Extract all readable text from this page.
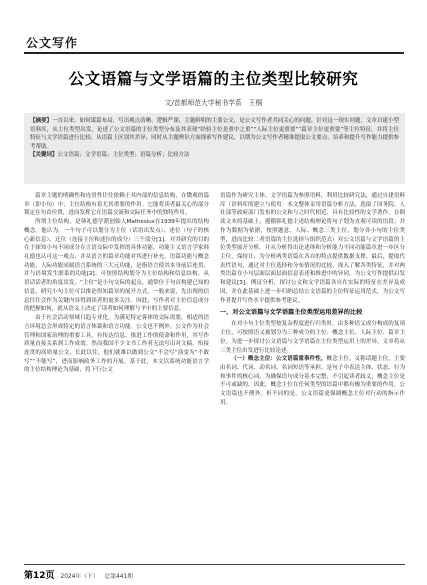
公文写作
公文语篇与文学语篇的主位类型比较研究
文/首都师范大学秘书学系　王桐

【摘要】一直以来，如何谋篇布局，写出观点清晰、逻辑严谨、主题鲜明的主要公文，是公文写作者共同关心的问题。针对这一现实问题，文章自建小型语料库，从主位类型出发，论述了公文语篇的主位类型分布及其表现“经验主位是重中之重”“人际主位更重要”“篇章主位更重要”等主位特征，并将主位特征与文学语篇进行比较，从语篇上区别其差异，同时从主题辨识方面探索写作建议，以期为公文写作者精准提取公文要点、培养和提升写作能力提供参考帮助。

【关键词】公文语篇；文学语篇；主位类型；语篇分析；比较方法

篇章主题的明确性和连贯性往往依赖于其内部的信息结构，在微观的篇章（即小句）中，主位结构有着尤其重要的作用。它能将读者最关心的部分锁定在句首位置，进而发挥它在语篇交流和交际任务中的独特作用。

所谓主位结构，是韩礼德学派创始人Mathesius在1939年提出的结构概念。他认为，一个句子可以划分为主位（话语出发点）、述位（句子的核心新信息）、迁位（连接主位和述位的成分）三个部分[1]。对其研究的目的在于探知小句不同成分在言语交际中发挥的具体功能。功能主义语言学家韩礼德也认可这一观点，并从语言的篇章功能对其进行补充。语篇功能与概念功能、人际功能同属语言系统的三大元功能，是指语言使其本身前后连贯、并与语境发生联系的功能[2]。可按照结构划分为主位结构和信息结构。从语话话者的角度出发，“主位”是小句交际的起点，通常位于句首构建已知的信息，研究小句主位可以推论得知篇章的展开方式。一般来说，先出现的信息往往会作为关键内容得到读者的更多关注。因此，写作者对主位信息成分的把握如何，就从语义上决定了读者如何理解与平中的主要信息。

由于社会活动领域日趋专业化，为满足特定客体的交际需要，相适的语言环境总会形成特定的语言体裁和语言功能。公文也不例外。公文作为社会管理和国家治理的重要工具，有传达信息、推进工作的使命和作用，其写作质量直接关系到工作成效。然而我国不少文书工作者无法写出对文稿。衔接连贯的高质量公文，长此以往，他们就难以做到公文“不会写”演变为“不敢写”“不能写”，进而影响政务工作的开展。基于此，本文以系统功能语言学的主位结构理论为基础，将下行公文

语篇作为研究主体、文学语篇为参照语料，利用比较研究法，通过自建语料库（语料库的建立与使用：本文整体采用语篇分析方法，选取了国务院、人社部等政府部门发布的公文和与之时代相近、具有比较性的文学著作，在倒读文本的基础上，遵循韩礼德主述结构理论将句子划为直观可读的语段；并作为数据为依据，按照题意、人际、概念三类主位，划分各小句的主位类型，进而比较二者语篇的主位选择与组织范式）对公文语篇与文学语篇的主位类型展开分析。并从分析得出论述体和分析能力不同功能篇章进一步区分主位，保持计，为分析两类语篇在各自的特点提供数据支撑。最后，提取代表性语句，通过对主位选择和分布情况的比较，深入了解各类特征，并对两类语篇在小句层面层面层面信息表述和推进中的异同，为公文写作提供启发和建议[3]。例证分析，探讨公文和文学语篇各自在实际的特征在差异及成因，并在此基础上进一步归纳总结公文语篇的主位特征运用范式，为公文写作者提升写作水平提供参考建议。

一、对公文语篇与文学语篇主位类型运用差异的比较

在对小句主位类型按复杂程度进行归类时，由多种语义成分构成的复项主位，可按照语义被划分为三种成分的主位：概念主位、人际主位、篇章主位。为进一步探讨公文语篇与文学语篇在主位类型运用上的差异，文章将从三类主位出发进行比较论述。

（一）概念主位：公文语篇重事件性，概念主位，又称话题主位，主要由名词、代词、动名词、名词短语等承担，是句子中表达主体、状态、行为和事件的核心词。为确保语句成分基本完整、不引起读者歧义，概念主位是不可或缺的，因此，概念主位在任何类型的语篇中都有极为重要的作用，公文语篇也不例外。但不同的是，公文语篇更强调概念主位对行动的指示作用。

第12页 2024年（下） 总第441期
